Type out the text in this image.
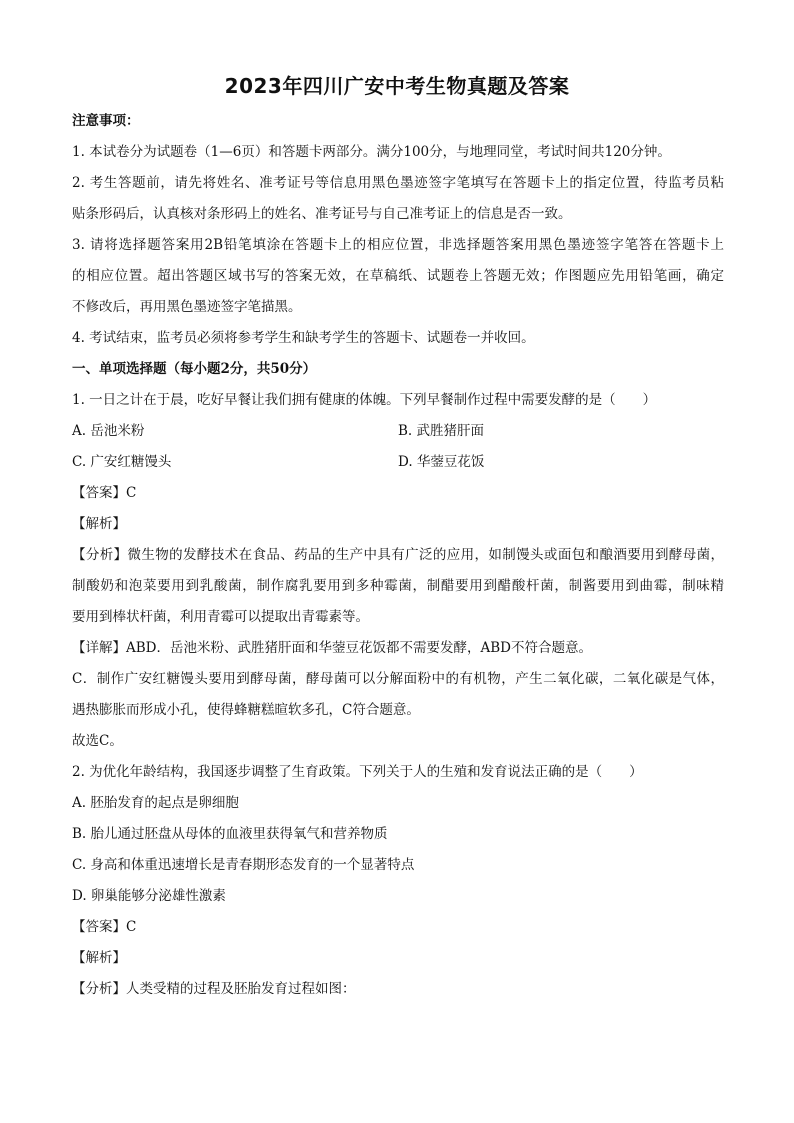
2023年四川广安中考生物真题及答案

注意事项：

1. 本试卷分为试题卷（1—6页）和答题卡两部分。满分100分，与地理同堂，考试时间共120分钟。

2. 考生答题前，请先将姓名、准考证号等信息用黑色墨迹签字笔填写在答题卡上的指定位置，待监考员粘

贴条形码后，认真核对条形码上的姓名、准考证号与自己准考证上的信息是否一致。

3. 请将选择题答案用2B铅笔填涂在答题卡上的相应位置，非选择题答案用黑色墨迹签字笔答在答题卡上

的相应位置。超出答题区域书写的答案无效，在草稿纸、试题卷上答题无效；作图题应先用铅笔画，确定

不修改后，再用黑色墨迹签字笔描黑。

4. 考试结束，监考员必须将参考学生和缺考学生的答题卡、试题卷一并收回。

一、单项选择题（每小题2分，共50分）

1. 一日之计在于晨，吃好早餐让我们拥有健康的体魄。下列早餐制作过程中需要发酵的是（　　）

A. 岳池米粉	B. 武胜猪肝面
C. 广安红糖馒头	D. 华蓥豆花饭

【答案】C

【解析】

【分析】微生物的发酵技术在食品、药品的生产中具有广泛的应用，如制馒头或面包和酿酒要用到酵母菌，

制酸奶和泡菜要用到乳酸菌，制作腐乳要用到多种霉菌，制醋要用到醋酸杆菌，制酱要用到曲霉，制味精

要用到棒状杆菌，利用青霉可以提取出青霉素等。

【详解】ABD．岳池米粉、武胜猪肝面和华蓥豆花饭都不需要发酵，ABD不符合题意。

C．制作广安红糖馒头要用到酵母菌，酵母菌可以分解面粉中的有机物，产生二氧化碳，二氧化碳是气体，

遇热膨胀而形成小孔，使得蜂糖糕暄软多孔，C符合题意。

故选C。

2. 为优化年龄结构，我国逐步调整了生育政策。下列关于人的生殖和发育说法正确的是（　　）

A. 胚胎发育的起点是卵细胞

B. 胎儿通过胚盘从母体的血液里获得氧气和营养物质

C. 身高和体重迅速增长是青春期形态发育的一个显著特点

D. 卵巢能够分泌雄性激素

【答案】C

【解析】

【分析】人类受精的过程及胚胎发育过程如图：
